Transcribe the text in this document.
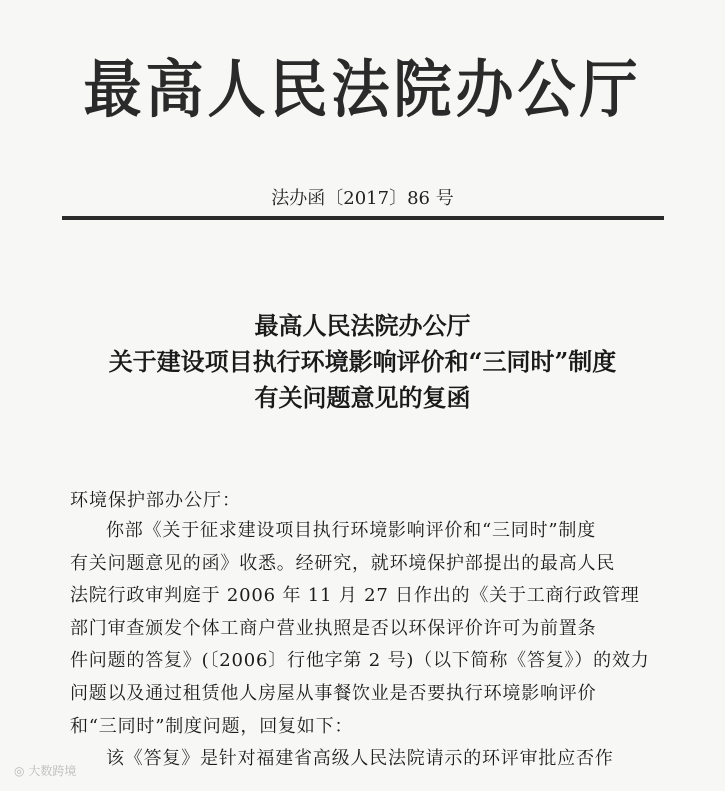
最高人民法院办公厅
法办函〔2017〕86 号
最高人民法院办公厅
关于建设项目执行环境影响评价和“三同时”制度
有关问题意见的复函
环境保护部办公厅：
你部《关于征求建设项目执行环境影响评价和“三同时”制度
有关问题意见的函》收悉。经研究，就环境保护部提出的最高人民
法院行政审判庭于 2006 年 11 月 27 日作出的《关于工商行政管理
部门审查颁发个体工商户营业执照是否以环保评价许可为前置条
件问题的答复》(〔2006〕行他字第 2 号)（以下简称《答复》）的效力
问题以及通过租赁他人房屋从事餐饮业是否要执行环境影响评价
和“三同时”制度问题，回复如下：
该《答复》是针对福建省高级人民法院请示的环评审批应否作
◎ 大数跨境
